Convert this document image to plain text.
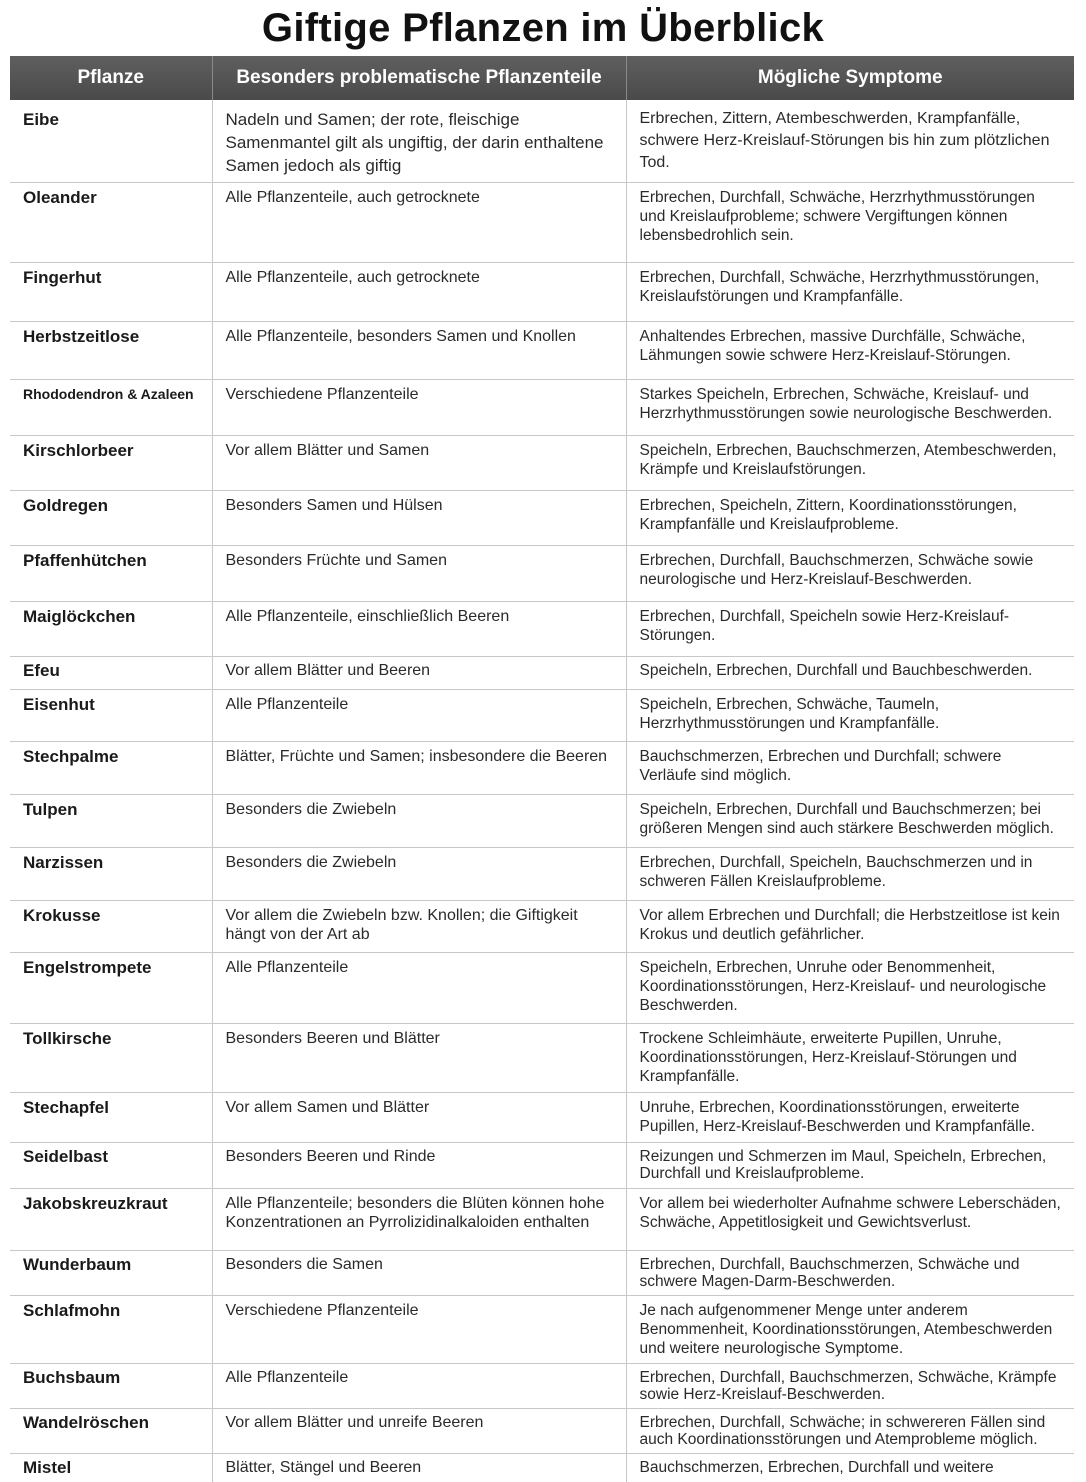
Giftige Pflanzen im Überblick
Pflanze	Besonders problematische Pflanzenteile	Mögliche Symptome
Eibe	Nadeln und Samen; der rote, fleischige Samenmantel gilt als ungiftig, der darin enthaltene Samen jedoch als giftig	Erbrechen, Zittern, Atembeschwerden, Krampfanfälle, schwere Herz-Kreislauf-Störungen bis hin zum plötzlichen Tod.
Oleander	Alle Pflanzenteile, auch getrocknete	Erbrechen, Durchfall, Schwäche, Herzrhythmusstörungen und Kreislaufprobleme; schwere Vergiftungen können lebensbedrohlich sein.
Fingerhut	Alle Pflanzenteile, auch getrocknete	Erbrechen, Durchfall, Schwäche, Herzrhythmusstörungen, Kreislaufstörungen und Krampfanfälle.
Herbstzeitlose	Alle Pflanzenteile, besonders Samen und Knollen	Anhaltendes Erbrechen, massive Durchfälle, Schwäche, Lähmungen sowie schwere Herz-Kreislauf-Störungen.
Rhododendron & Azaleen	Verschiedene Pflanzenteile	Starkes Speicheln, Erbrechen, Schwäche, Kreislauf- und Herzrhythmusstörungen sowie neurologische Beschwerden.
Kirschlorbeer	Vor allem Blätter und Samen	Speicheln, Erbrechen, Bauchschmerzen, Atembeschwerden, Krämpfe und Kreislaufstörungen.
Goldregen	Besonders Samen und Hülsen	Erbrechen, Speicheln, Zittern, Koordinationsstörungen, Krampfanfälle und Kreislaufprobleme.
Pfaffenhütchen	Besonders Früchte und Samen	Erbrechen, Durchfall, Bauchschmerzen, Schwäche sowie neurologische und Herz-Kreislauf-Beschwerden.
Maiglöckchen	Alle Pflanzenteile, einschließlich Beeren	Erbrechen, Durchfall, Speicheln sowie Herz-Kreislauf-Störungen.
Efeu	Vor allem Blätter und Beeren	Speicheln, Erbrechen, Durchfall und Bauchbeschwerden.
Eisenhut	Alle Pflanzenteile	Speicheln, Erbrechen, Schwäche, Taumeln, Herzrhythmusstörungen und Krampfanfälle.
Stechpalme	Blätter, Früchte und Samen; insbesondere die Beeren	Bauchschmerzen, Erbrechen und Durchfall; schwere Verläufe sind möglich.
Tulpen	Besonders die Zwiebeln	Speicheln, Erbrechen, Durchfall und Bauchschmerzen; bei größeren Mengen sind auch stärkere Beschwerden möglich.
Narzissen	Besonders die Zwiebeln	Erbrechen, Durchfall, Speicheln, Bauchschmerzen und in schweren Fällen Kreislaufprobleme.
Krokusse	Vor allem die Zwiebeln bzw. Knollen; die Giftigkeit hängt von der Art ab	Vor allem Erbrechen und Durchfall; die Herbstzeitlose ist kein Krokus und deutlich gefährlicher.
Engelstrompete	Alle Pflanzenteile	Speicheln, Erbrechen, Unruhe oder Benommenheit, Koordinationsstörungen, Herz-Kreislauf- und neurologische Beschwerden.
Tollkirsche	Besonders Beeren und Blätter	Trockene Schleimhäute, erweiterte Pupillen, Unruhe, Koordinationsstörungen, Herz-Kreislauf-Störungen und Krampfanfälle.
Stechapfel	Vor allem Samen und Blätter	Unruhe, Erbrechen, Koordinationsstörungen, erweiterte Pupillen, Herz-Kreislauf-Beschwerden und Krampfanfälle.
Seidelbast	Besonders Beeren und Rinde	Reizungen und Schmerzen im Maul, Speicheln, Erbrechen, Durchfall und Kreislaufprobleme.
Jakobskreuzkraut	Alle Pflanzenteile; besonders die Blüten können hohe Konzentrationen an Pyrrolizidinalkaloiden enthalten	Vor allem bei wiederholter Aufnahme schwere Leberschäden, Schwäche, Appetitlosigkeit und Gewichtsverlust.
Wunderbaum	Besonders die Samen	Erbrechen, Durchfall, Bauchschmerzen, Schwäche und schwere Magen-Darm-Beschwerden.
Schlafmohn	Verschiedene Pflanzenteile	Je nach aufgenommener Menge unter anderem Benommenheit, Koordinationsstörungen, Atembeschwerden und weitere neurologische Symptome.
Buchsbaum	Alle Pflanzenteile	Erbrechen, Durchfall, Bauchschmerzen, Schwäche, Krämpfe sowie Herz-Kreislauf-Beschwerden.
Wandelröschen	Vor allem Blätter und unreife Beeren	Erbrechen, Durchfall, Schwäche; in schwereren Fällen sind auch Koordinationsstörungen und Atemprobleme möglich.
Mistel	Blätter, Stängel und Beeren	Bauchschmerzen, Erbrechen, Durchfall und weitere
